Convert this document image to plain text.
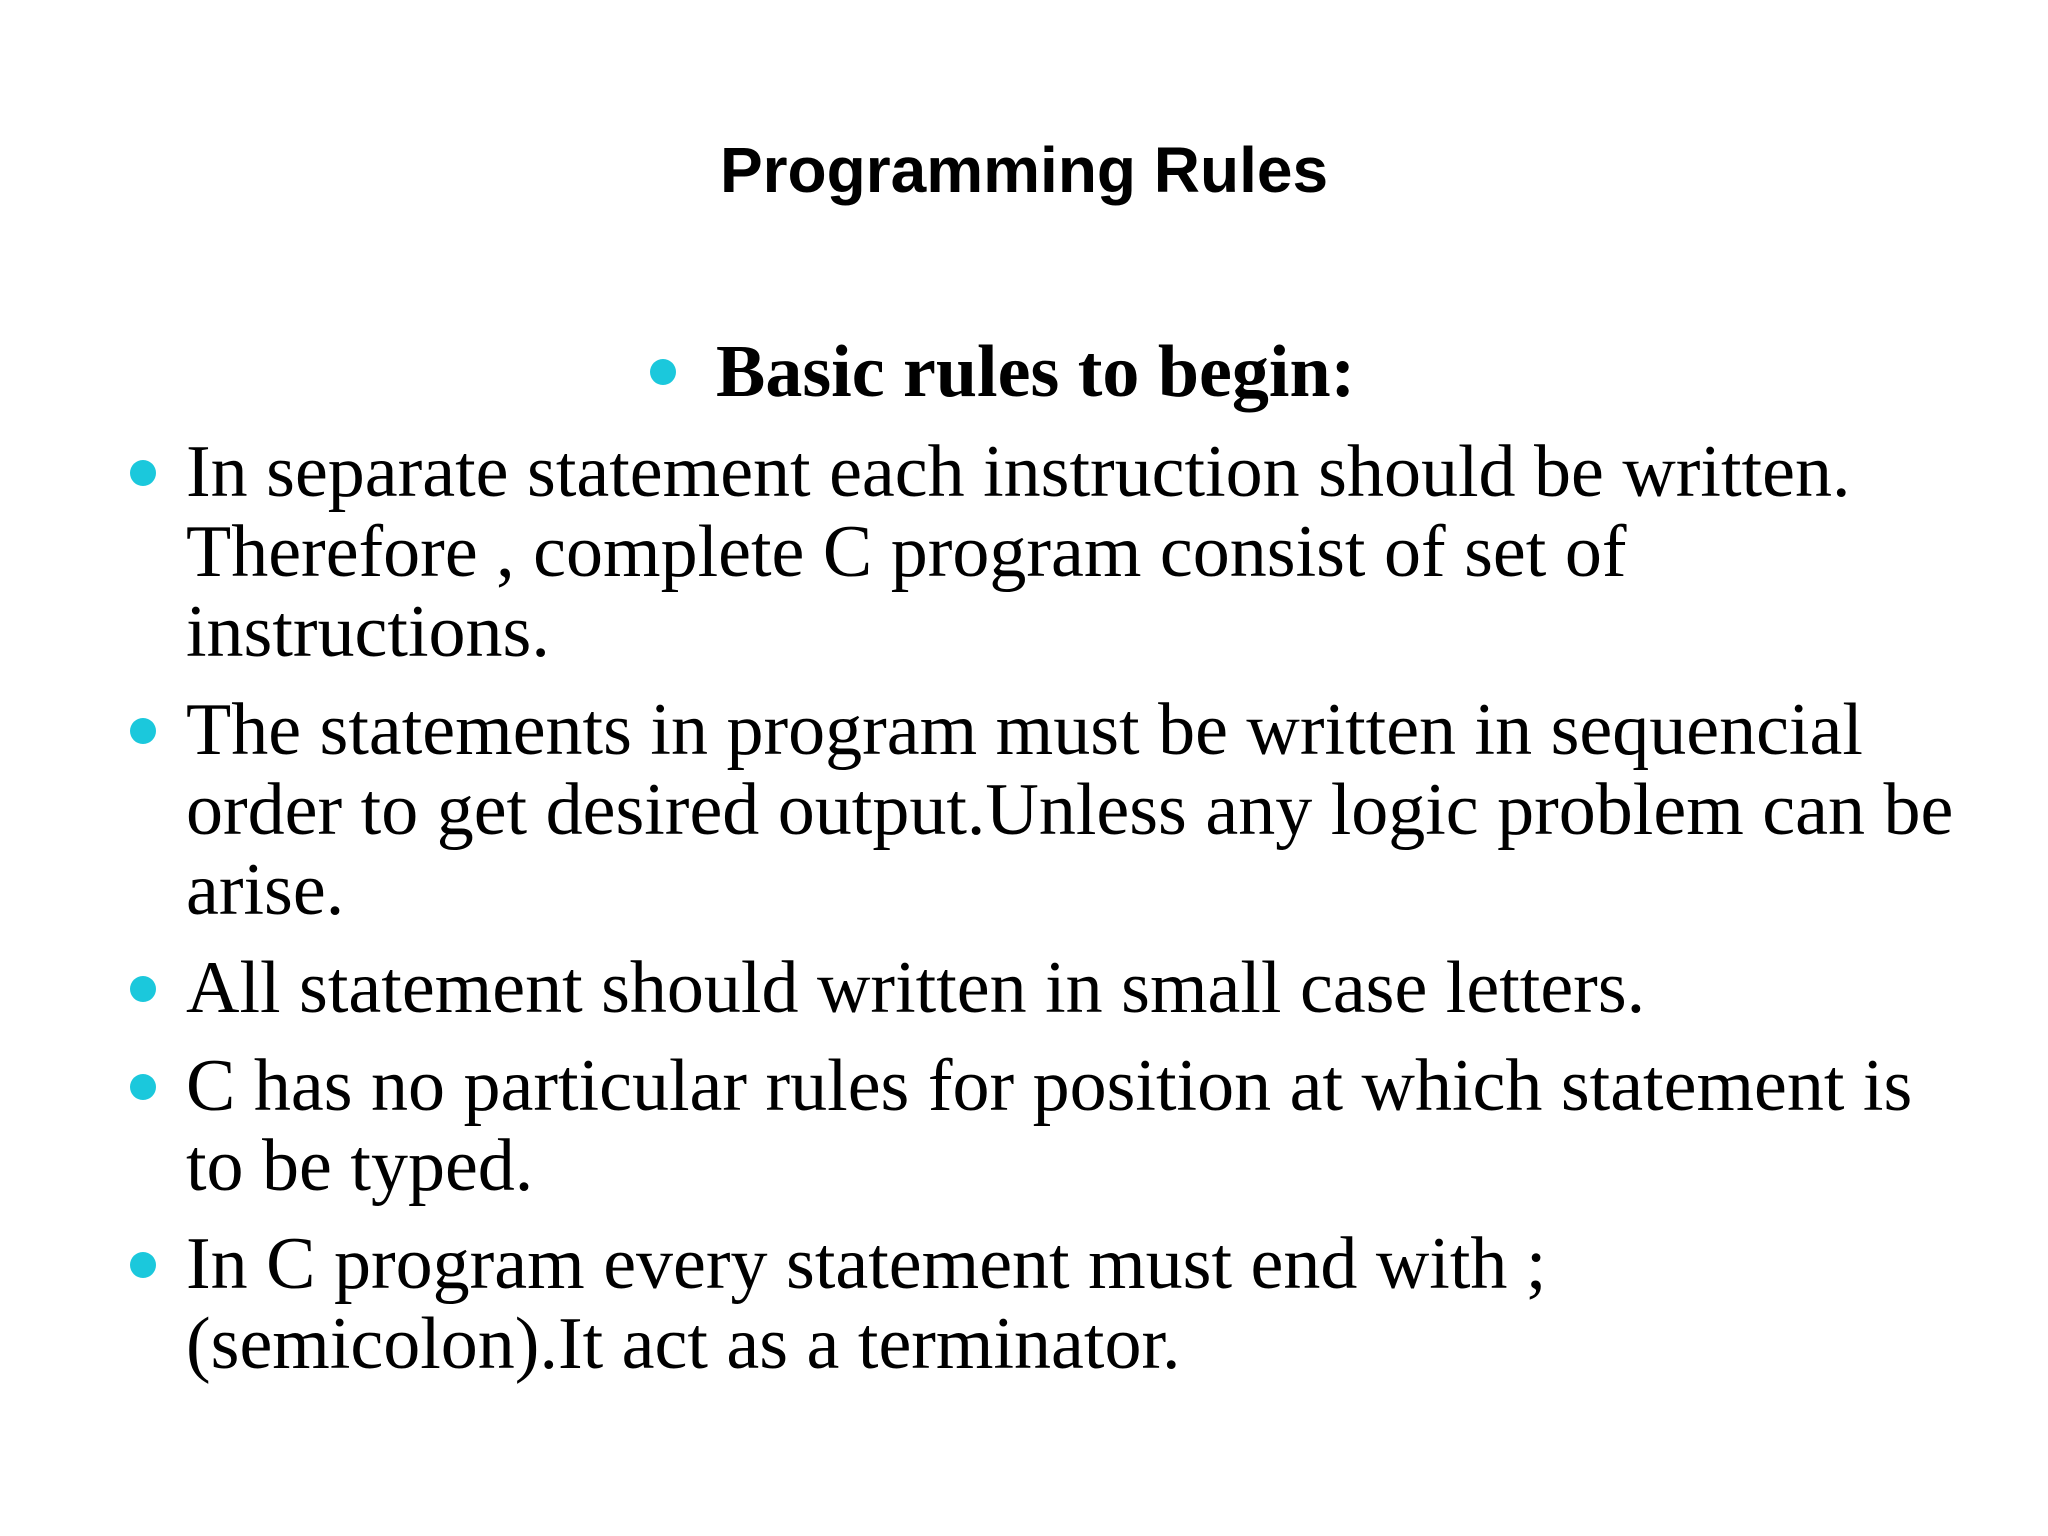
Programming Rules
Basic rules to begin:
In separate statement each instruction should be written. Therefore , complete C program consist of set of instructions.
The statements in program must be written in sequencial order to get desired output.Unless any logic problem can be arise.
All statement should written in small case letters.
C has no particular rules for position at which statement is to be typed.
In C program every statement must end with ; (semicolon).It act as a terminator.
